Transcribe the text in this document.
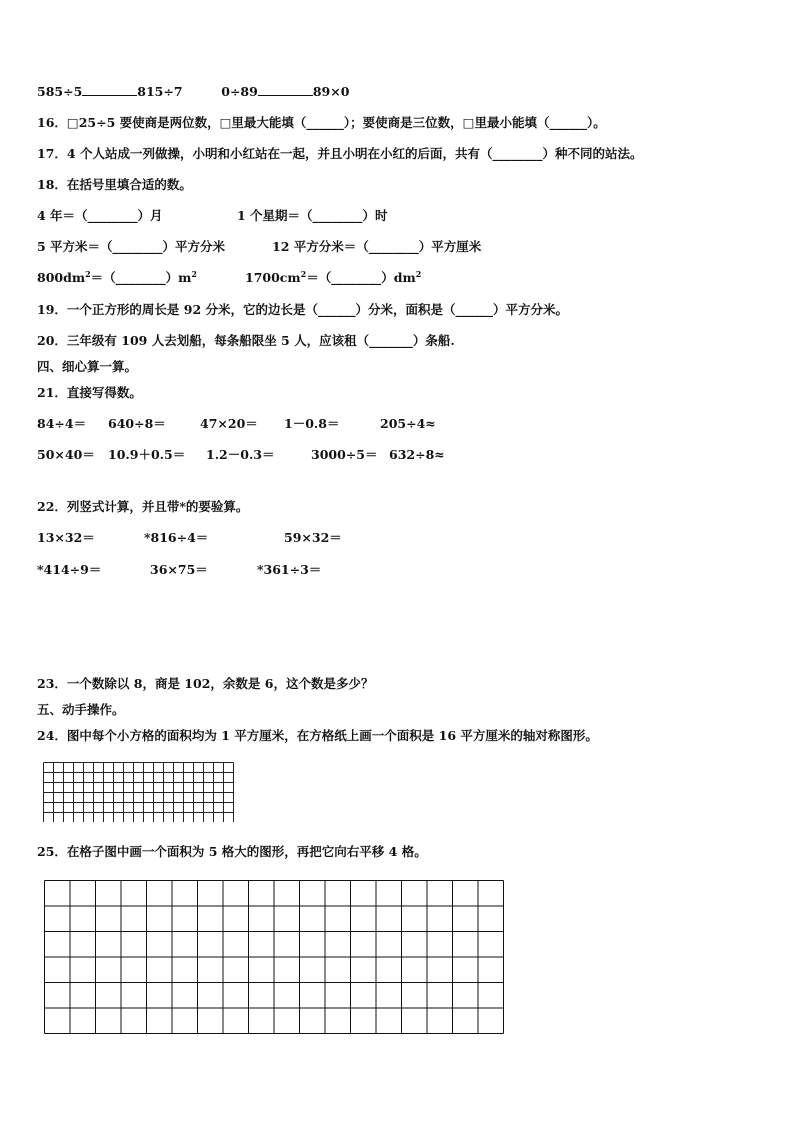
585÷5	815÷7	0÷89	89×0
16．□25÷5 要使商是两位数，□里最大能填（______）；要使商是三位数，□里最小能填（______）。
17．4 个人站成一列做操，小明和小红站在一起，并且小明在小红的后面，共有（________）种不同的站法。
18．在括号里填合适的数。
4 年＝（________）月	1 个星期＝（________）时
5 平方米＝（________）平方分米	12 平方分米＝（________）平方厘米
$800dm^2=(\_\_\_\_\_\_\_\_)m^2$	$1700cm^2=(\_\_\_\_\_\_\_\_)dm^2$
19．一个正方形的周长是 92 分米，它的边长是（______）分米，面积是（______）平方分米。
20．三年级有 109 人去划船，每条船限坐 5 人，应该租（_______）条船.
四、细心算一算。
21．直接写得数。
84÷4＝ 640÷8＝	47×20＝ 1－0.8＝	205÷4≈
50×40＝ 10.9＋0.5＝ 1.2－0.3＝	3000÷5＝ 632÷8≈
22．列竖式计算，并且带*的要验算。
13×32＝	*816÷4＝	59×32＝
*414÷9＝	36×75＝	*361÷3＝
23．一个数除以 8，商是 102，余数是 6，这个数是多少？
五、动手操作。
24．图中每个小方格的面积均为 1 平方厘米，在方格纸上画一个面积是 16 平方厘米的轴对称图形。
25．在格子图中画一个面积为 5 格大的图形，再把它向右平移 4 格。
